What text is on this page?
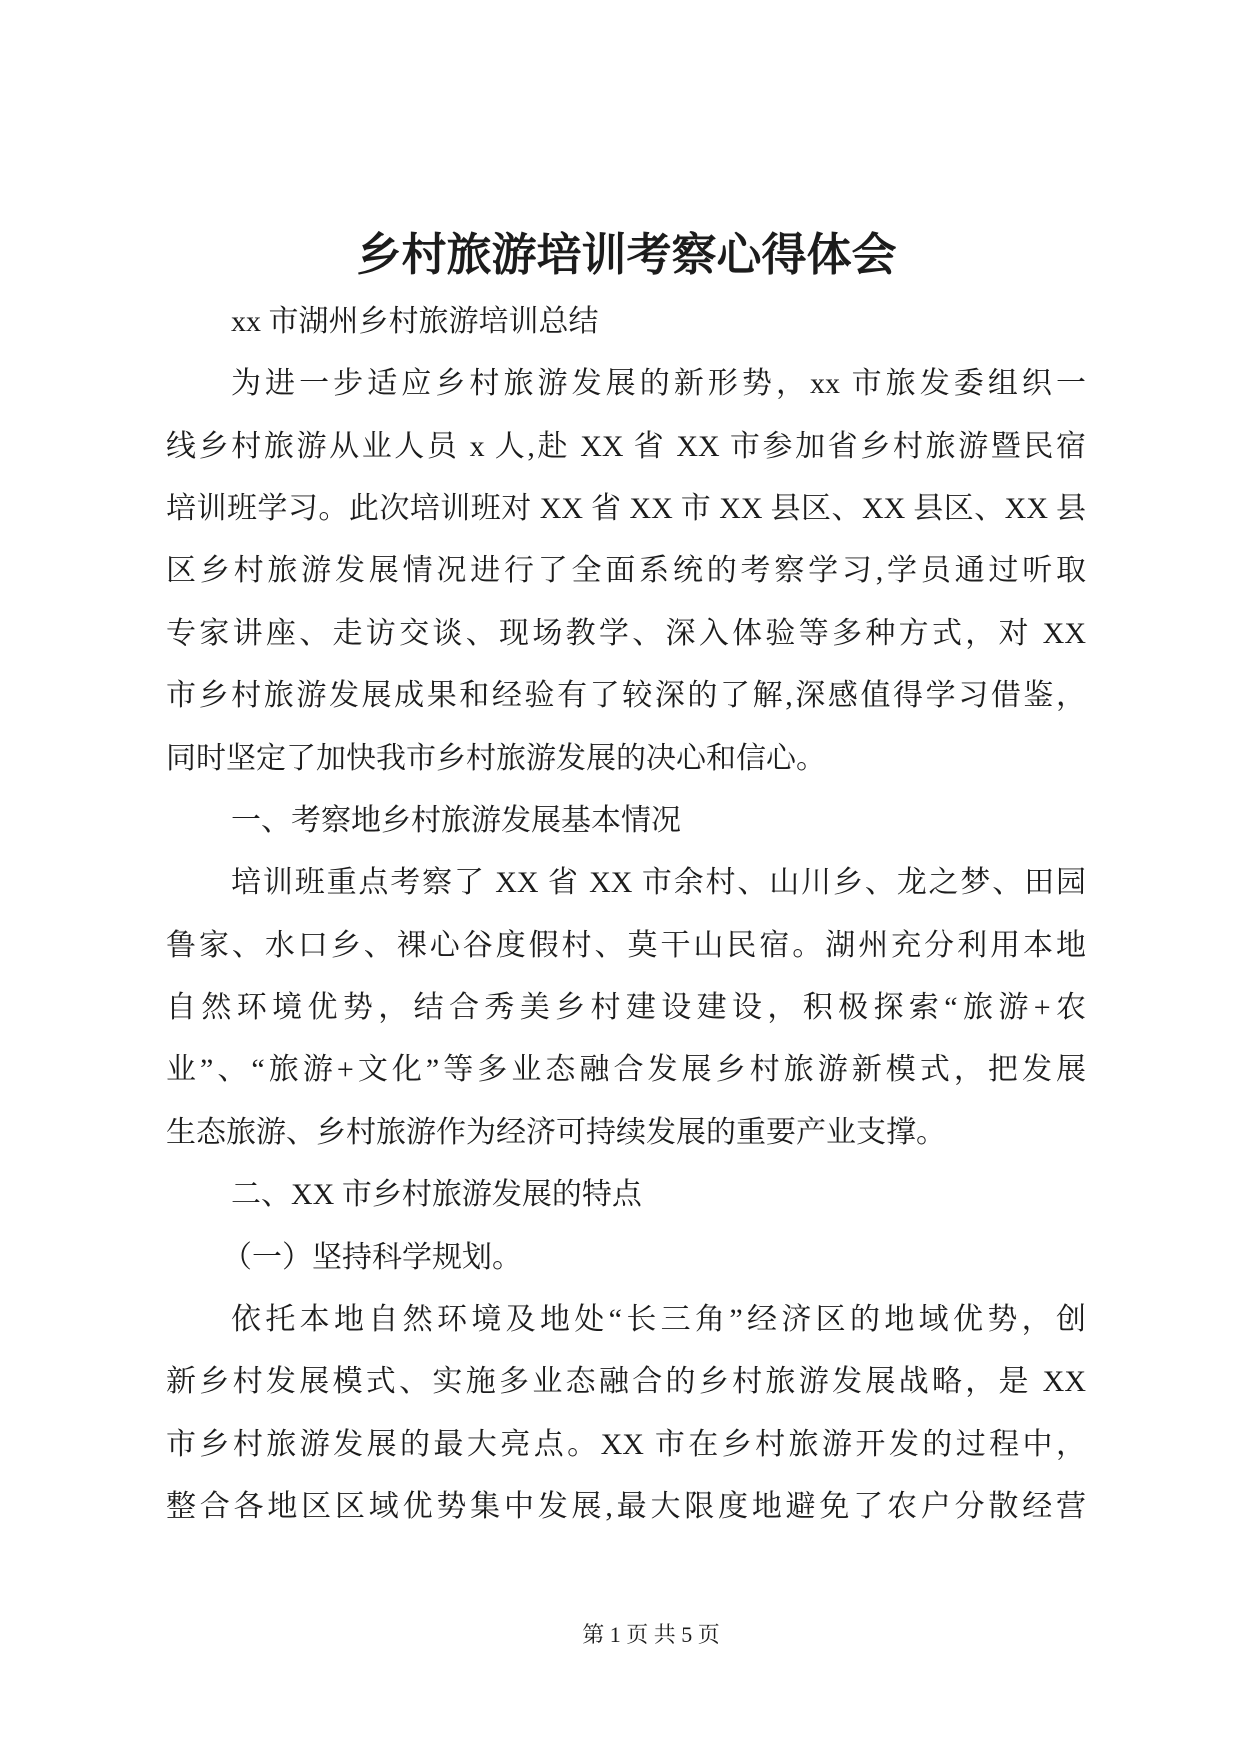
乡村旅游培训考察心得体会
xx 市湖州乡村旅游培训总结
为进一步适应乡村旅游发展的新形势，xx 市旅发委组织一
线乡村旅游从业人员 x 人,赴 XX 省 XX 市参加省乡村旅游暨民宿
培训班学习。此次培训班对 XX 省 XX 市 XX 县区、XX 县区、XX 县
区乡村旅游发展情况进行了全面系统的考察学习,学员通过听取
专家讲座、走访交谈、现场教学、深入体验等多种方式，对 XX
市乡村旅游发展成果和经验有了较深的了解,深感值得学习借鉴，
同时坚定了加快我市乡村旅游发展的决心和信心。
一、考察地乡村旅游发展基本情况
培训班重点考察了 XX 省 XX 市余村、山川乡、龙之梦、田园
鲁家、水口乡、裸心谷度假村、莫干山民宿。湖州充分利用本地
自然环境优势，结合秀美乡村建设建设，积极探索“旅游+农
业”、“旅游+文化”等多业态融合发展乡村旅游新模式，把发展
生态旅游、乡村旅游作为经济可持续发展的重要产业支撑。
二、XX 市乡村旅游发展的特点
（一）坚持科学规划。
依托本地自然环境及地处“长三角”经济区的地域优势，创
新乡村发展模式、实施多业态融合的乡村旅游发展战略，是 XX
市乡村旅游发展的最大亮点。XX 市在乡村旅游开发的过程中，
整合各地区区域优势集中发展,最大限度地避免了农户分散经营
第 1 页 共 5 页
